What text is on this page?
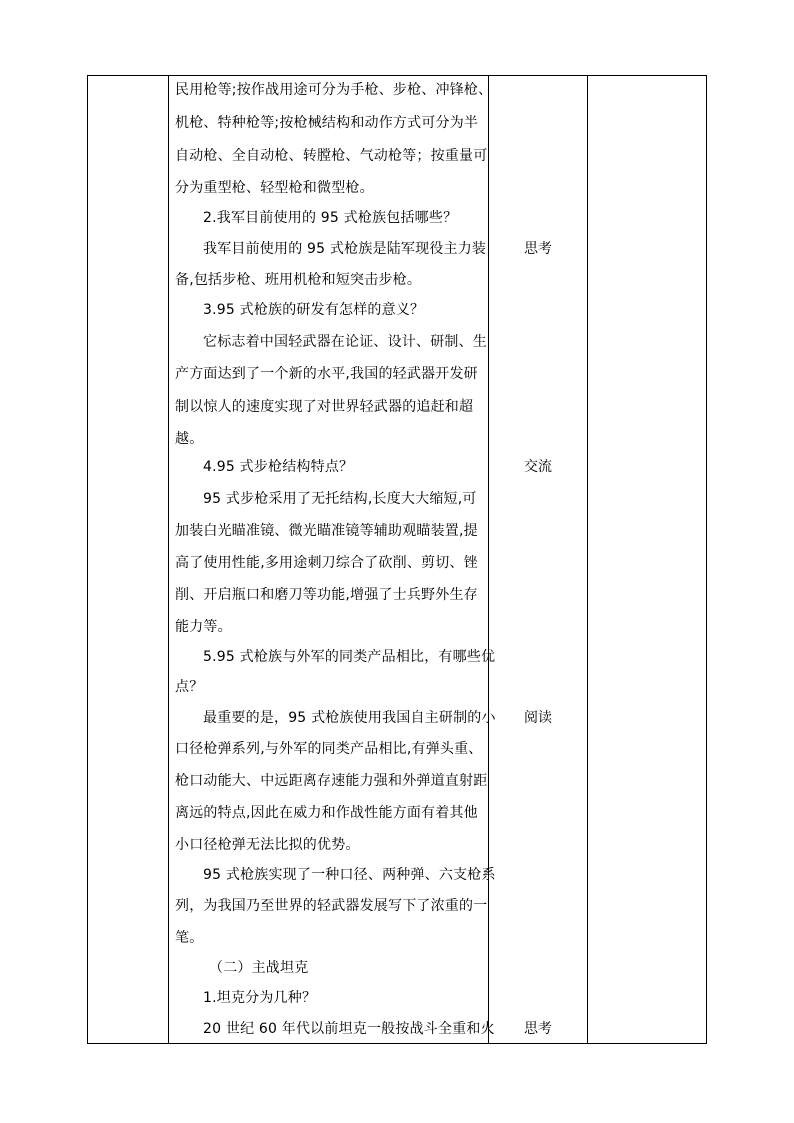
民用枪等;按作战用途可分为手枪、步枪、冲锋枪、
机枪、特种枪等;按枪械结构和动作方式可分为半
自动枪、全自动枪、转膛枪、气动枪等；按重量可
分为重型枪、轻型枪和微型枪。
2.我军目前使用的 95 式枪族包括哪些？
我军目前使用的 95 式枪族是陆军现役主力装
备,包括步枪、班用机枪和短突击步枪。
3.95 式枪族的研发有怎样的意义？
它标志着中国轻武器在论证、设计、研制、生
产方面达到了一个新的水平,我国的轻武器开发研
制以惊人的速度实现了对世界轻武器的追赶和超
越。
4.95 式步枪结构特点？
95 式步枪采用了无托结构,长度大大缩短,可
加装白光瞄准镜、微光瞄准镜等辅助观瞄装置,提
高了使用性能,多用途刺刀综合了砍削、剪切、锉
削、开启瓶口和磨刀等功能,增强了士兵野外生存
能力等。
5.95 式枪族与外军的同类产品相比，有哪些优
点？
最重要的是，95 式枪族使用我国自主研制的小
口径枪弹系列,与外军的同类产品相比,有弹头重、
枪口动能大、中远距离存速能力强和外弹道直射距
离远的特点,因此在威力和作战性能方面有着其他
小口径枪弹无法比拟的优势。
95 式枪族实现了一种口径、两种弹、六支枪系
列，为我国乃至世界的轻武器发展写下了浓重的一
笔。
（二）主战坦克
1.坦克分为几种？
20 世纪 60 年代以前坦克一般按战斗全重和火
思考
交流
阅读
思考
